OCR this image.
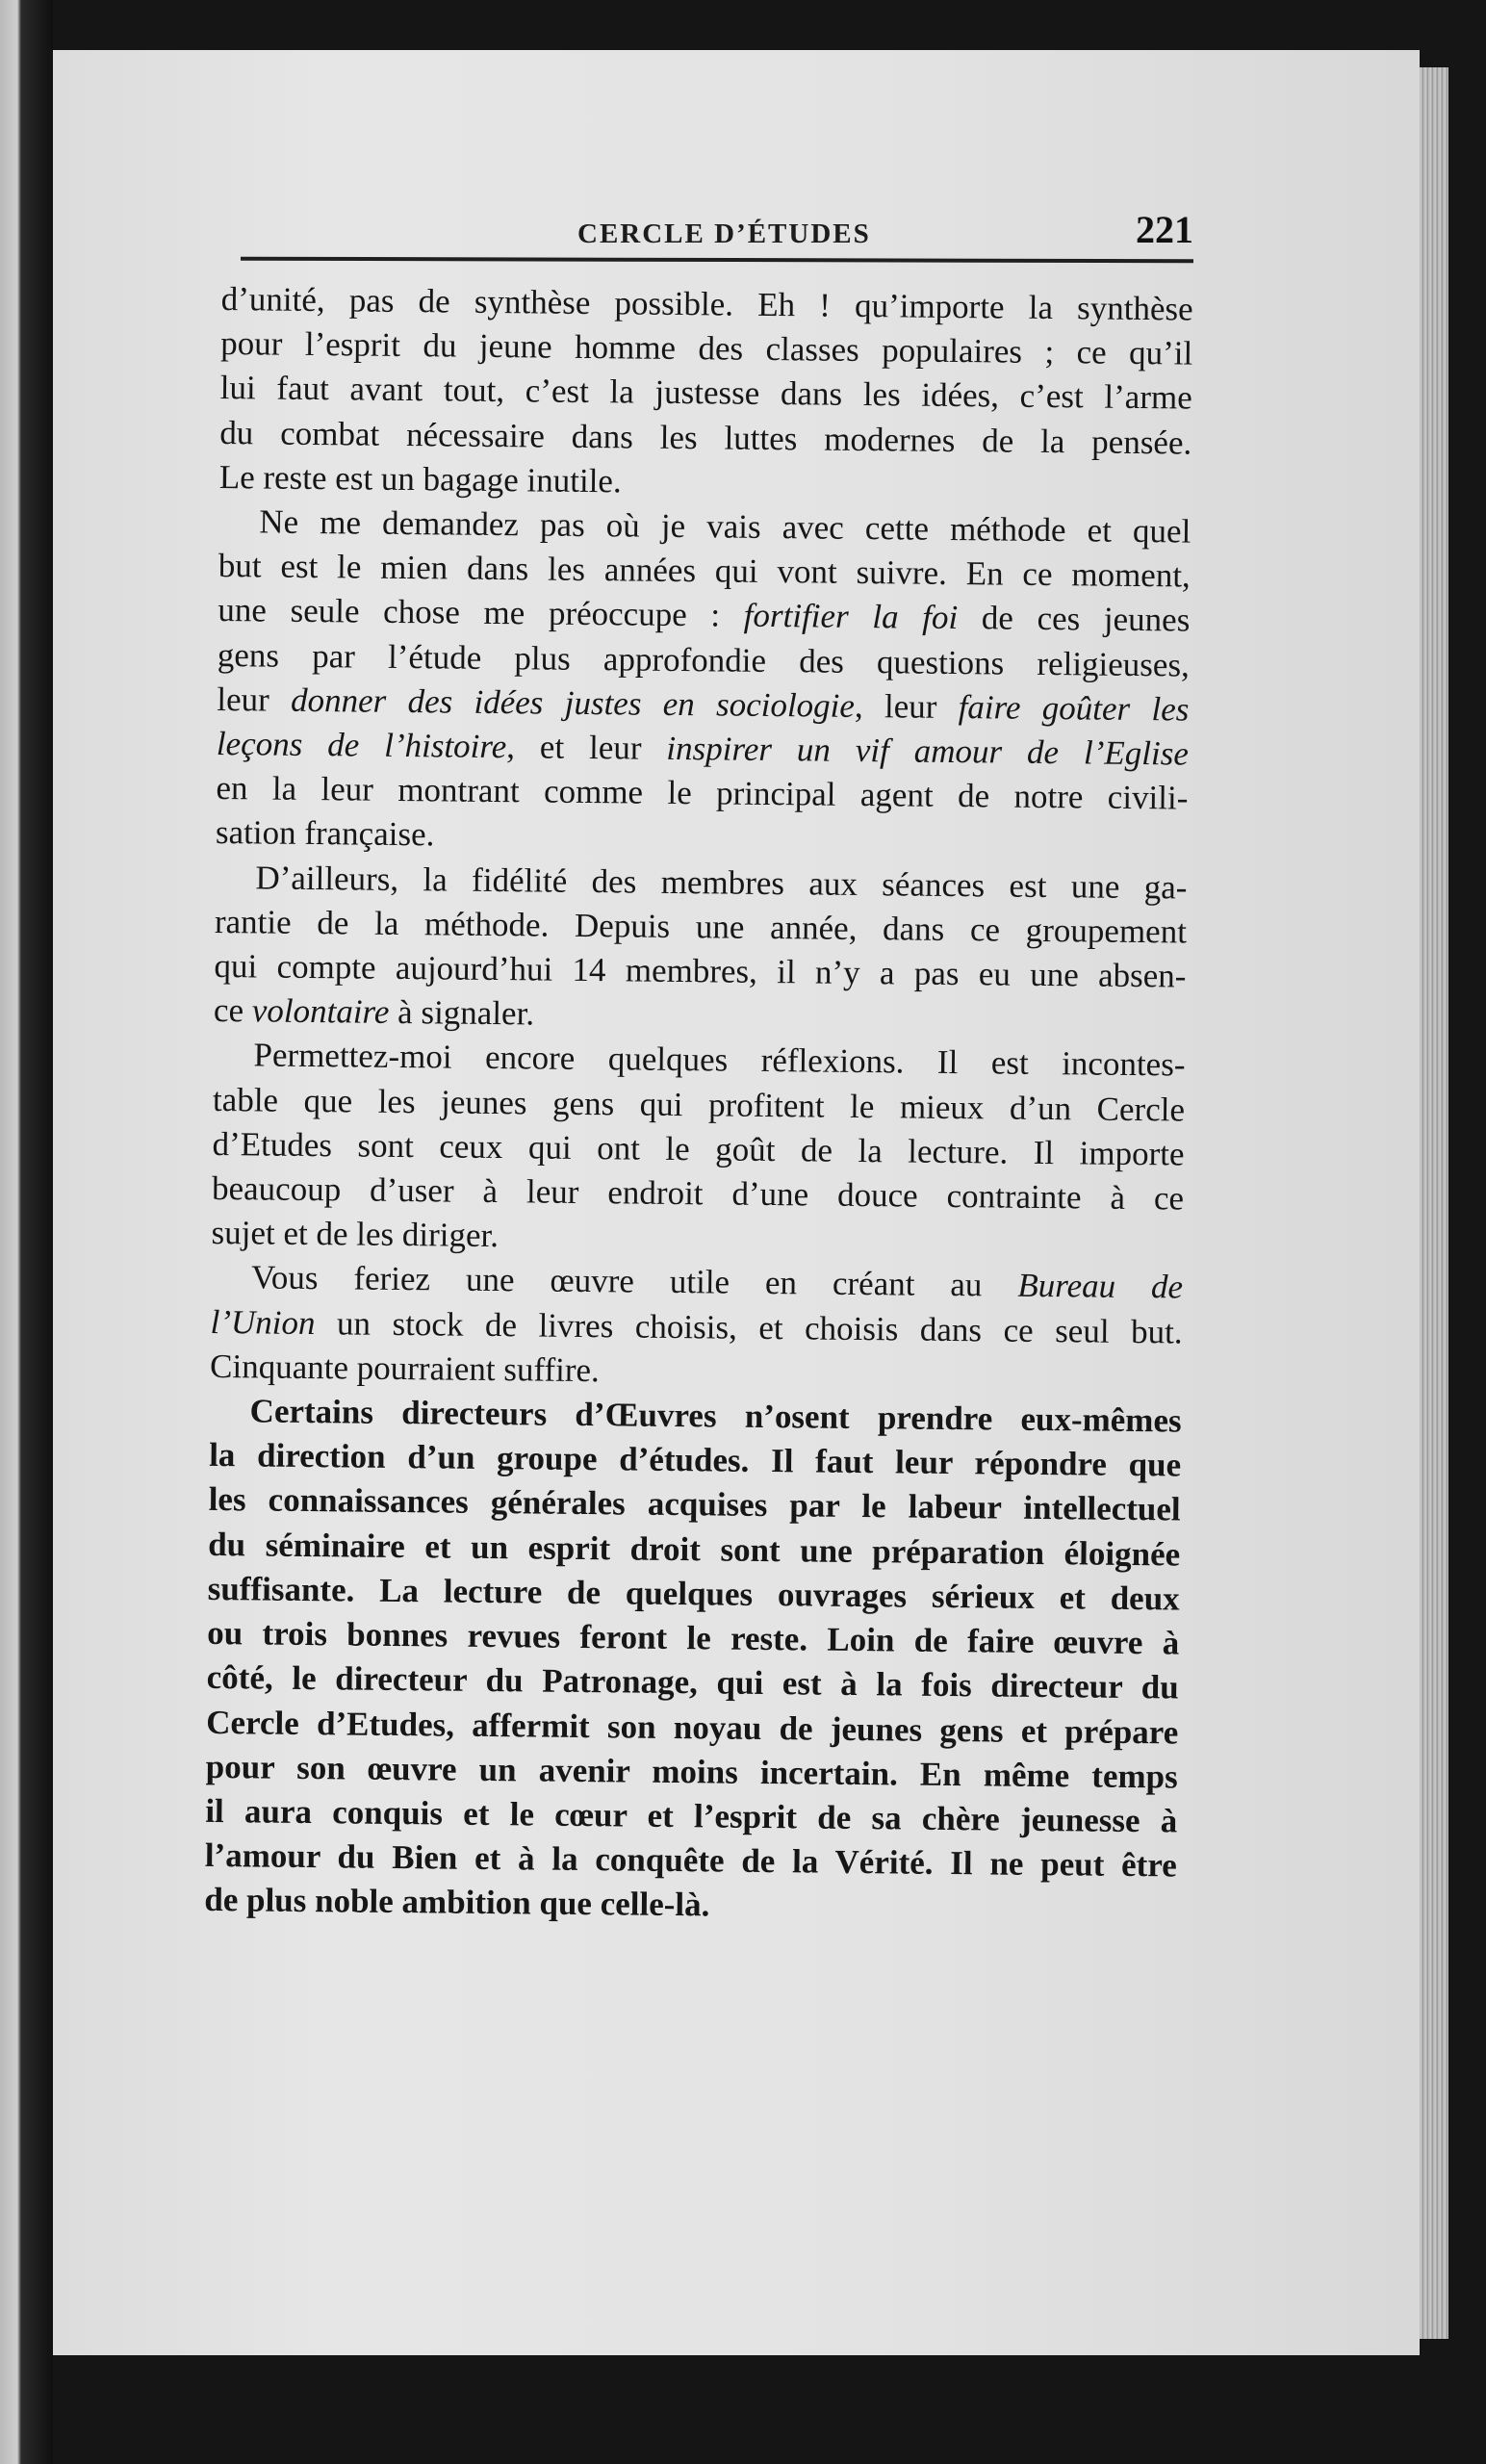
CERCLE D’ÉTUDES	221
d’unité, pas de synthèse possible. Eh ! qu’importe la synthèse
pour l’esprit du jeune homme des classes populaires ; ce qu’il
lui faut avant tout, c’est la justesse dans les idées, c’est l’arme
du combat nécessaire dans les luttes modernes de la pensée.
Le reste est un bagage inutile.
Ne me demandez pas où je vais avec cette méthode et quel
but est le mien dans les années qui vont suivre. En ce moment,
une seule chose me préoccupe : fortifier la foi de ces jeunes
gens par l’étude plus approfondie des questions religieuses,
leur donner des idées justes en sociologie, leur faire goûter les
leçons de l’histoire, et leur inspirer un vif amour de l’Eglise
en la leur montrant comme le principal agent de notre civili-
sation française.
D’ailleurs, la fidélité des membres aux séances est une ga-
rantie de la méthode. Depuis une année, dans ce groupement
qui compte aujourd’hui 14 membres, il n’y a pas eu une absen-
ce volontaire à signaler.
Permettez-moi encore quelques réflexions. Il est incontes-
table que les jeunes gens qui profitent le mieux d’un Cercle
d’Etudes sont ceux qui ont le goût de la lecture. Il importe
beaucoup d’user à leur endroit d’une douce contrainte à ce
sujet et de les diriger.
Vous feriez une œuvre utile en créant au Bureau de
l’Union un stock de livres choisis, et choisis dans ce seul but.
Cinquante pourraient suffire.
Certains directeurs d’Œuvres n’osent prendre eux-mêmes
la direction d’un groupe d’études. Il faut leur répondre que
les connaissances générales acquises par le labeur intellectuel
du séminaire et un esprit droit sont une préparation éloignée
suffisante. La lecture de quelques ouvrages sérieux et deux
ou trois bonnes revues feront le reste. Loin de faire œuvre à
côté, le directeur du Patronage, qui est à la fois directeur du
Cercle d’Etudes, affermit son noyau de jeunes gens et prépare
pour son œuvre un avenir moins incertain. En même temps
il aura conquis et le cœur et l’esprit de sa chère jeunesse à
l’amour du Bien et à la conquête de la Vérité. Il ne peut être
de plus noble ambition que celle-là.
